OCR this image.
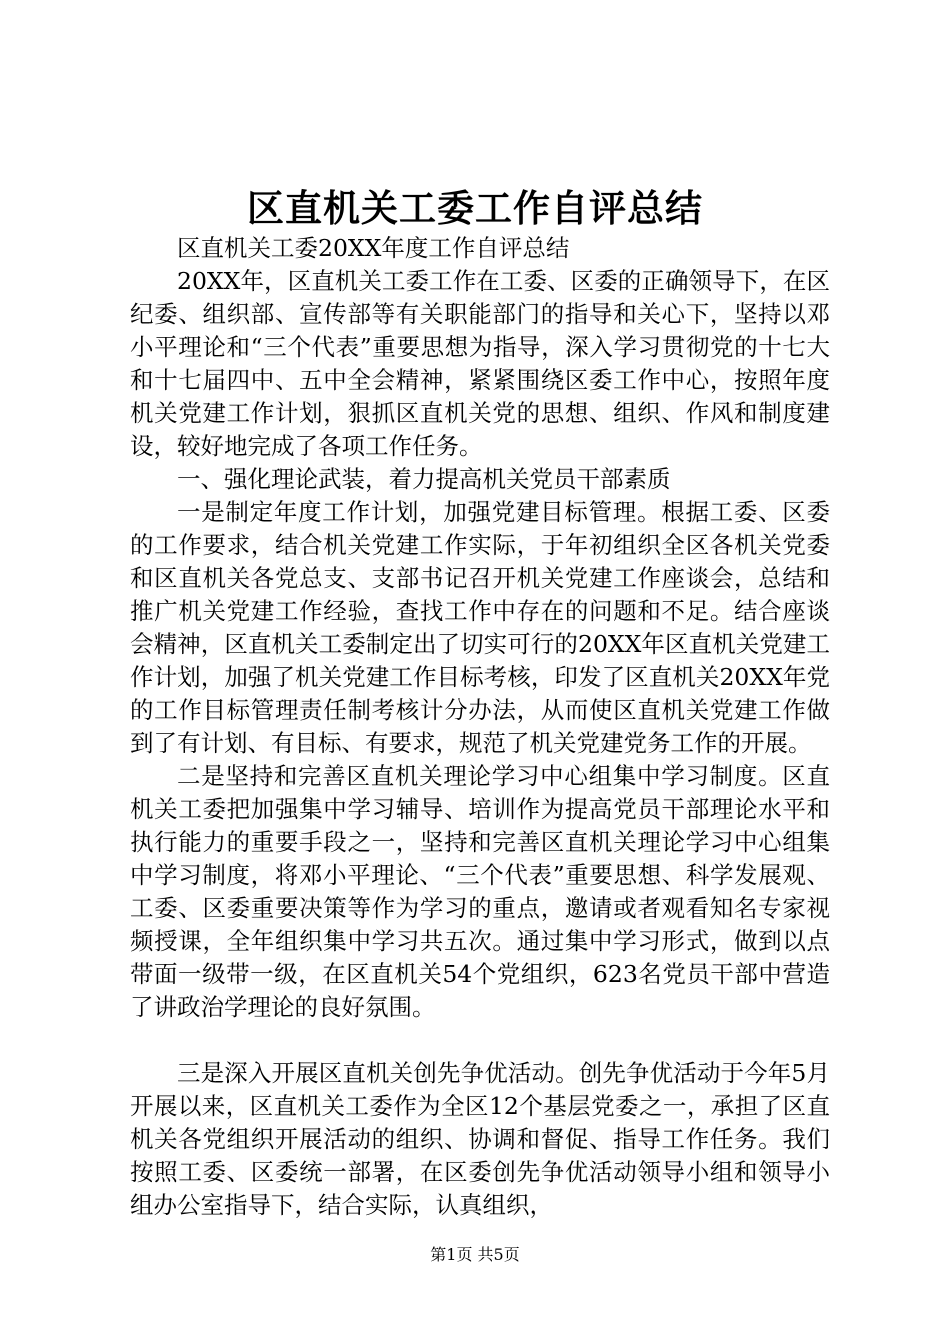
区直机关工委工作自评总结

区直机关工委20XX年度工作自评总结

20XX年，区直机关工委工作在工委、区委的正确领导下，在区纪委、组织部、宣传部等有关职能部门的指导和关心下，坚持以邓小平理论和“三个代表”重要思想为指导，深入学习贯彻党的十七大和十七届四中、五中全会精神，紧紧围绕区委工作中心，按照年度机关党建工作计划，狠抓区直机关党的思想、组织、作风和制度建设，较好地完成了各项工作任务。

一、强化理论武装，着力提高机关党员干部素质

一是制定年度工作计划，加强党建目标管理。根据工委、区委的工作要求，结合机关党建工作实际，于年初组织全区各机关党委和区直机关各党总支、支部书记召开机关党建工作座谈会，总结和推广机关党建工作经验，查找工作中存在的问题和不足。结合座谈会精神，区直机关工委制定出了切实可行的20XX年区直机关党建工作计划，加强了机关党建工作目标考核，印发了区直机关20XX年党的工作目标管理责任制考核计分办法，从而使区直机关党建工作做到了有计划、有目标、有要求，规范了机关党建党务工作的开展。

二是坚持和完善区直机关理论学习中心组集中学习制度。区直机关工委把加强集中学习辅导、培训作为提高党员干部理论水平和执行能力的重要手段之一，坚持和完善区直机关理论学习中心组集中学习制度，将邓小平理论、“三个代表”重要思想、科学发展观、工委、区委重要决策等作为学习的重点，邀请或者观看知名专家视频授课，全年组织集中学习共五次。通过集中学习形式，做到以点带面一级带一级，在区直机关54个党组织，623名党员干部中营造了讲政治学理论的良好氛围。

三是深入开展区直机关创先争优活动。创先争优活动于今年5月开展以来，区直机关工委作为全区12个基层党委之一，承担了区直机关各党组织开展活动的组织、协调和督促、指导工作任务。我们按照工委、区委统一部署，在区委创先争优活动领导小组和领导小组办公室指导下，结合实际，认真组织，

第1页 共5页
